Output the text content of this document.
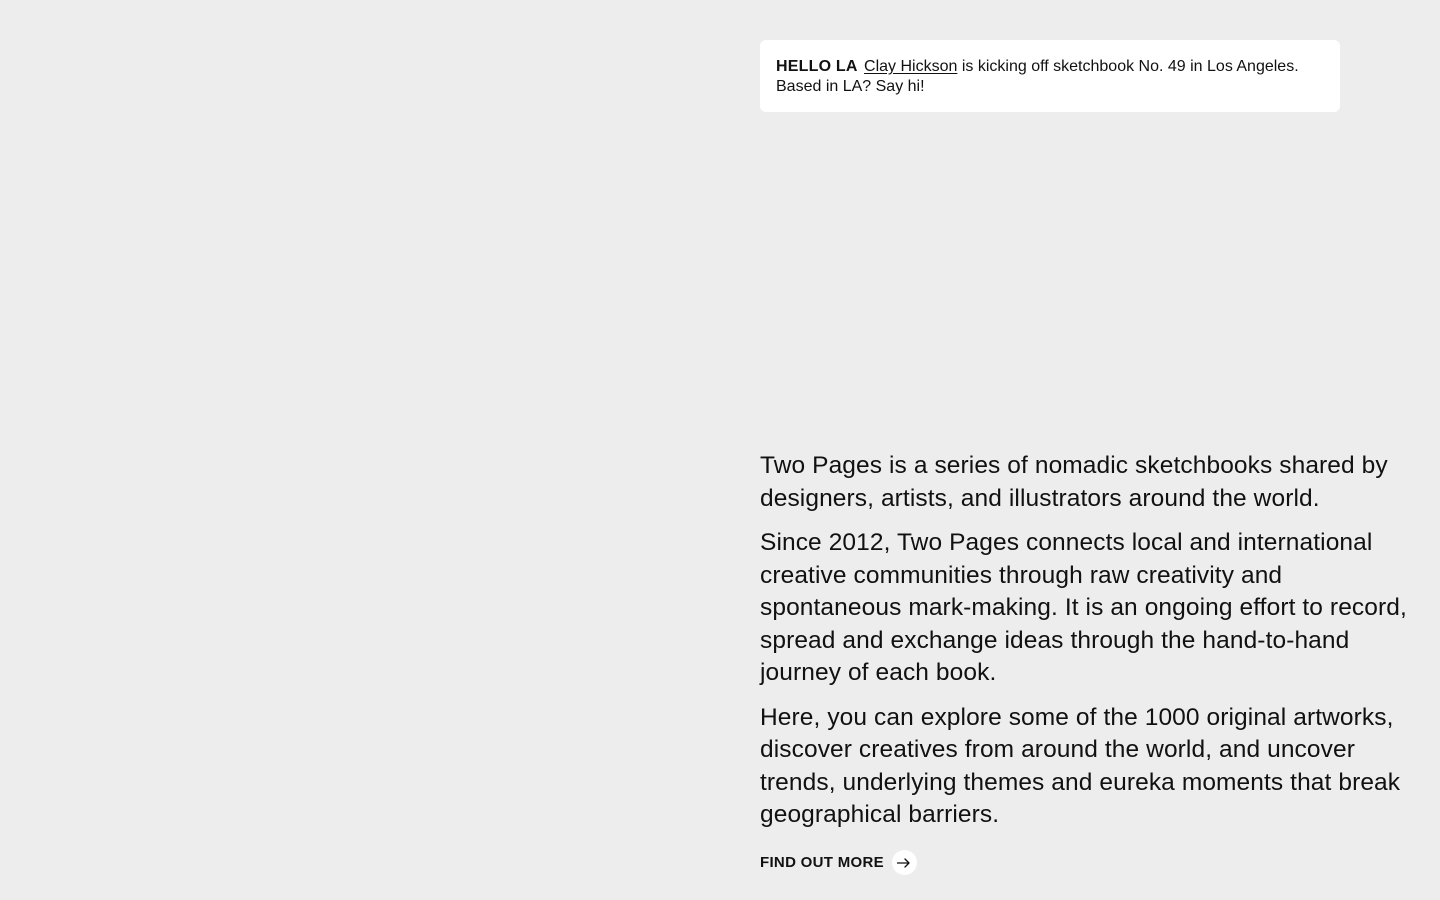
HELLO LA Clay Hickson is kicking off sketchbook No. 49 in Los Angeles.
Based in LA? Say hi!

Two Pages is a series of nomadic sketchbooks shared by designers, artists, and illustrators around the world.

Since 2012, Two Pages connects local and international creative communities through raw creativity and spontaneous mark-making. It is an ongoing effort to record, spread and exchange ideas through the hand-to-hand journey of each book.

Here, you can explore some of the 1000 original artworks, discover creatives from around the world, and uncover trends, underlying themes and eureka moments that break geographical barriers.

FIND OUT MORE
